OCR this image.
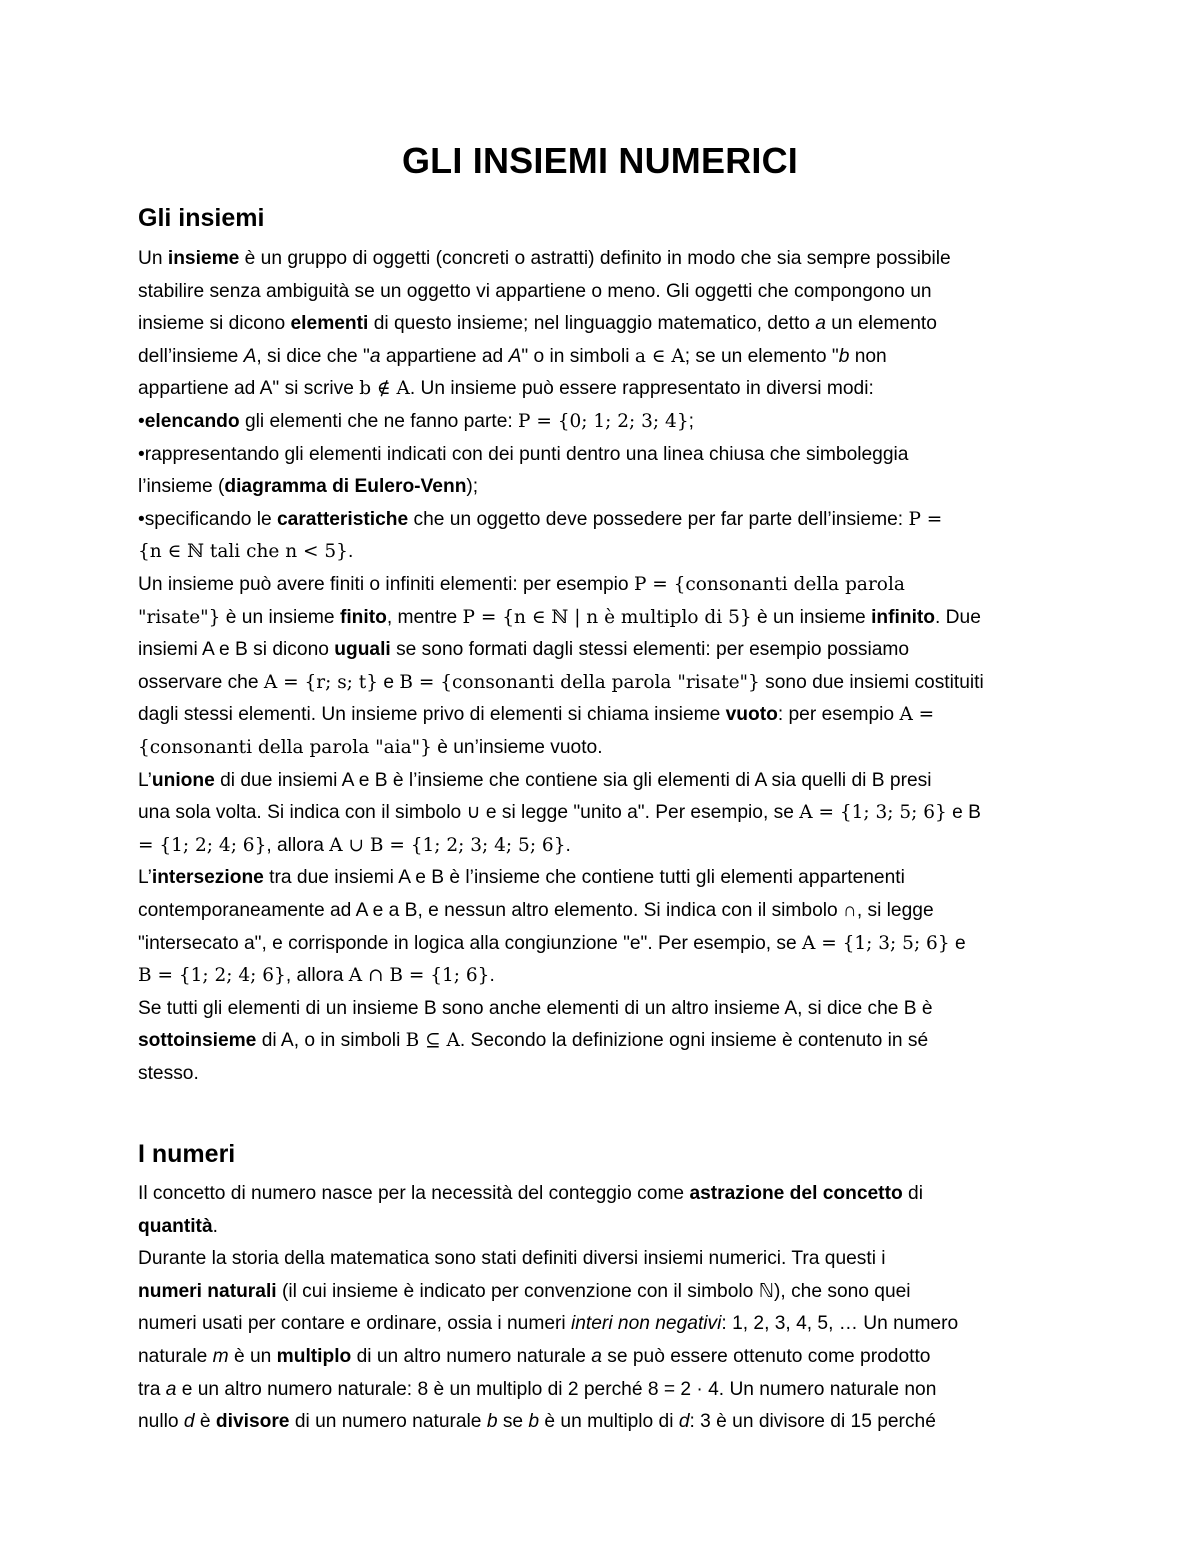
GLI INSIEMI NUMERICI
Gli insiemi
Un insieme è un gruppo di oggetti (concreti o astratti) definito in modo che sia sempre possibile
stabilire senza ambiguità se un oggetto vi appartiene o meno. Gli oggetti che compongono un
insieme si dicono elementi di questo insieme; nel linguaggio matematico, detto a un elemento
dell’insieme A, si dice che "a appartiene ad A" o in simboli a ∈ A; se un elemento "b non
appartiene ad A" si scrive b ∉ A. Un insieme può essere rappresentato in diversi modi:
•elencando gli elementi che ne fanno parte: P = {0; 1; 2; 3; 4};
•rappresentando gli elementi indicati con dei punti dentro una linea chiusa che simboleggia
l’insieme (diagramma di Eulero-Venn);
•specificando le caratteristiche che un oggetto deve possedere per far parte dell’insieme: P =
{n ∈ ℕ tali che n < 5}.
Un insieme può avere finiti o infiniti elementi: per esempio P = {consonanti della parola
"risate"} è un insieme finito, mentre P = {n ∈ ℕ | n è multiplo di 5} è un insieme infinito. Due
insiemi A e B si dicono uguali se sono formati dagli stessi elementi: per esempio possiamo
osservare che A = {r; s; t} e B = {consonanti della parola "risate"} sono due insiemi costituiti
dagli stessi elementi. Un insieme privo di elementi si chiama insieme vuoto: per esempio A =
{consonanti della parola "aia"} è un’insieme vuoto.
L’unione di due insiemi A e B è l’insieme che contiene sia gli elementi di A sia quelli di B presi
una sola volta. Si indica con il simbolo ∪ e si legge "unito a". Per esempio, se A = {1; 3; 5; 6} e B
= {1; 2; 4; 6}, allora A ∪ B = {1; 2; 3; 4; 5; 6}.
L’intersezione tra due insiemi A e B è l’insieme che contiene tutti gli elementi appartenenti
contemporaneamente ad A e a B, e nessun altro elemento. Si indica con il simbolo ∩, si legge
"intersecato a", e corrisponde in logica alla congiunzione "e". Per esempio, se A = {1; 3; 5; 6} e
B = {1; 2; 4; 6}, allora A ∩ B = {1; 6}.
Se tutti gli elementi di un insieme B sono anche elementi di un altro insieme A, si dice che B è
sottoinsieme di A, o in simboli B ⊆ A. Secondo la definizione ogni insieme è contenuto in sé
stesso.
I numeri
Il concetto di numero nasce per la necessità del conteggio come astrazione del concetto di
quantità.
Durante la storia della matematica sono stati definiti diversi insiemi numerici. Tra questi i
numeri naturali (il cui insieme è indicato per convenzione con il simbolo ℕ), che sono quei
numeri usati per contare e ordinare, ossia i numeri interi non negativi: 1, 2, 3, 4, 5, … Un numero
naturale m è un multiplo di un altro numero naturale a se può essere ottenuto come prodotto
tra a e un altro numero naturale: 8 è un multiplo di 2 perché 8 = 2 · 4. Un numero naturale non
nullo d è divisore di un numero naturale b se b è un multiplo di d: 3 è un divisore di 15 perché
